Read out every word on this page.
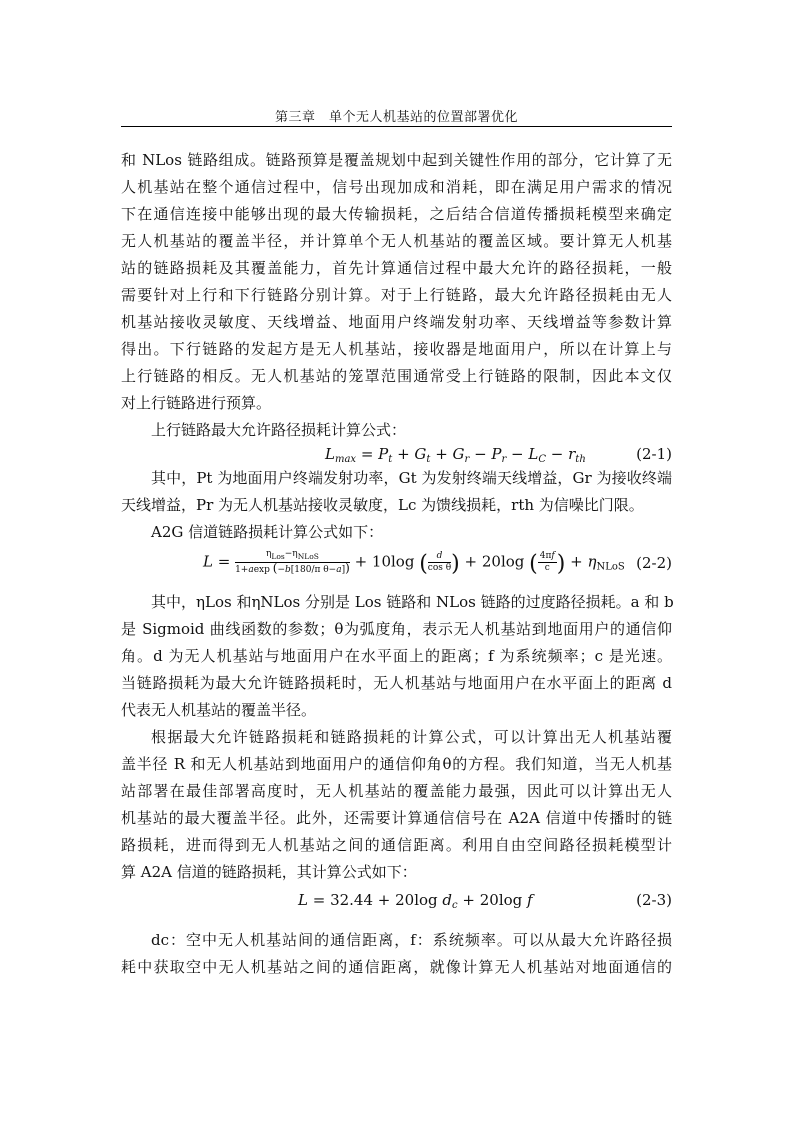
第三章　单个无人机基站的位置部署优化
和 NLos 链路组成。链路预算是覆盖规划中起到关键性作用的部分，它计算了无
人机基站在整个通信过程中，信号出现加成和消耗，即在满足用户需求的情况
下在通信连接中能够出现的最大传输损耗，之后结合信道传播损耗模型来确定
无人机基站的覆盖半径，并计算单个无人机基站的覆盖区域。要计算无人机基
站的链路损耗及其覆盖能力，首先计算通信过程中最大允许的路径损耗，一般
需要针对上行和下行链路分别计算。对于上行链路，最大允许路径损耗由无人
机基站接收灵敏度、天线增益、地面用户终端发射功率、天线增益等参数计算
得出。下行链路的发起方是无人机基站，接收器是地面用户，所以在计算上与
上行链路的相反。无人机基站的笼罩范围通常受上行链路的限制，因此本文仅
对上行链路进行预算。
上行链路最大允许路径损耗计算公式：
$L_{max} = P_t + G_t + G_r - P_r - L_C - r_{th}$	(2-1)
其中，Pt 为地面用户终端发射功率，Gt 为发射终端天线增益，Gr 为接收终端
天线增益，Pr 为无人机基站接收灵敏度，Lc 为馈线损耗，rth 为信噪比门限。
A2G 信道链路损耗计算公式如下：
$L = \frac{\eta_{Los}-\eta_{NLoS}}{\text{1+aexp (−b[180/π θ−a])}} + 10\log$ ( $\frac{d}{\text{cos θ}}$ ) + 20log ( $\frac{4\pi f}{c}$ ) + $\eta_{NLoS}$ (2-2)
其中，ηLos 和ηNLos 分别是 Los 链路和 NLos 链路的过度路径损耗。a 和 b
是 Sigmoid 曲线函数的参数；θ为弧度角，表示无人机基站到地面用户的通信仰
角。d 为无人机基站与地面用户在水平面上的距离；f 为系统频率；c 是光速。
当链路损耗为最大允许链路损耗时，无人机基站与地面用户在水平面上的距离 d
代表无人机基站的覆盖半径。
根据最大允许链路损耗和链路损耗的计算公式，可以计算出无人机基站覆
盖半径 R 和无人机基站到地面用户的通信仰角θ的方程。我们知道，当无人机基
站部署在最佳部署高度时，无人机基站的覆盖能力最强，因此可以计算出无人
机基站的最大覆盖半径。此外，还需要计算通信信号在 A2A 信道中传播时的链
路损耗，进而得到无人机基站之间的通信距离。利用自由空间路径损耗模型计
算 A2A 信道的链路损耗，其计算公式如下：
L = 32.44 + 20log $d_c + 20\log$ f	(2-3)
dc：空中无人机基站间的通信距离，f：系统频率。可以从最大允许路径损
耗中获取空中无人机基站之间的通信距离，就像计算无人机基站对地面通信的
